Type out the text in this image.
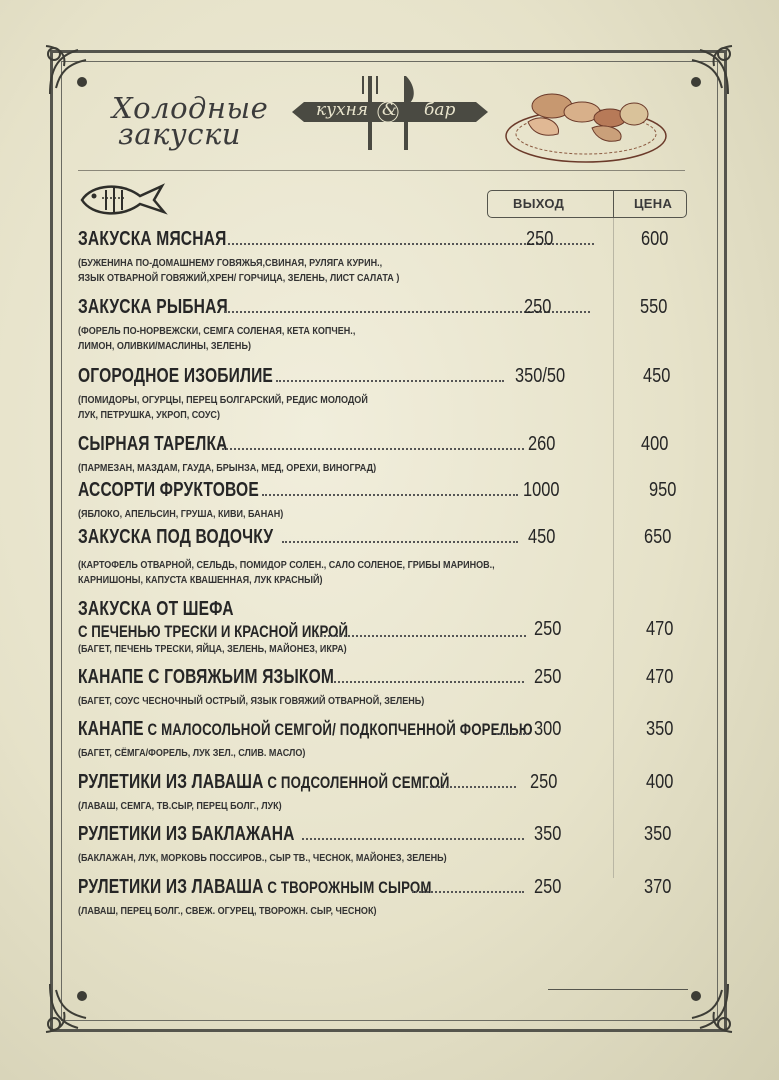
Холодные
закуски
кухня & бар
ВЫХОД	ЦЕНА
ЗАКУСКА МЯСНАЯ	250	600
(БУЖЕНИНА ПО-ДОМАШНЕМУ ГОВЯЖЬЯ,СВИНАЯ, РУЛЯГА КУРИН.,
ЯЗЫК ОТВАРНОЙ ГОВЯЖИЙ,ХРЕН/ ГОРЧИЦА, ЗЕЛЕНЬ, ЛИСТ САЛАТА )
ЗАКУСКА РЫБНАЯ	250	550
(ФОРЕЛЬ ПО-НОРВЕЖСКИ, СЕМГА СОЛЕНАЯ, КЕТА КОПЧЕН.,
ЛИМОН, ОЛИВКИ/МАСЛИНЫ, ЗЕЛЕНЬ)
ОГОРОДНОЕ ИЗОБИЛИЕ	350/50	450
(ПОМИДОРЫ, ОГУРЦЫ, ПЕРЕЦ БОЛГАРСКИЙ, РЕДИС МОЛОДОЙ
ЛУК, ПЕТРУШКА, УКРОП, СОУС)
СЫРНАЯ ТАРЕЛКА	260	400
(ПАРМЕЗАН, МАЗДАМ, ГАУДА, БРЫНЗА, МЕД, ОРЕХИ, ВИНОГРАД)
АССОРТИ ФРУКТОВОЕ	1000	950
(ЯБЛОКО, АПЕЛЬСИН, ГРУША, КИВИ, БАНАН)
ЗАКУСКА ПОД ВОДОЧКУ	450	650
(КАРТОФЕЛЬ ОТВАРНОЙ, СЕЛЬДЬ, ПОМИДОР СОЛЕН., САЛО СОЛЕНОЕ, ГРИБЫ МАРИНОВ.,
КАРНИШОНЫ, КАПУСТА КВАШЕННАЯ, ЛУК КРАСНЫЙ)
ЗАКУСКА ОТ ШЕФА
С ПЕЧЕНЬЮ ТРЕСКИ И КРАСНОЙ ИКРОЙ	250	470
(БАГЕТ, ПЕЧЕНЬ ТРЕСКИ, ЯЙЦА, ЗЕЛЕНЬ, МАЙОНЕЗ, ИКРА)
КАНАПЕ С ГОВЯЖЬИМ ЯЗЫКОМ	250	470
(БАГЕТ, СОУС ЧЕСНОЧНЫЙ ОСТРЫЙ, ЯЗЫК ГОВЯЖИЙ ОТВАРНОЙ, ЗЕЛЕНЬ)
КАНАПЕ С МАЛОСОЛЬНОЙ СЕМГОЙ/ ПОДКОПЧЕННОЙ ФОРЕЛЬЮ 300	350
(БАГЕТ, СЁМГА/ФОРЕЛЬ, ЛУК ЗЕЛ., СЛИВ. МАСЛО)
РУЛЕТИКИ ИЗ ЛАВАША С ПОДСОЛЕННОЙ СЕМГОЙ	250	400
(ЛАВАШ, СЕМГА, ТВ.СЫР, ПЕРЕЦ БОЛГ., ЛУК)
РУЛЕТИКИ ИЗ БАКЛАЖАНА	350	350
(БАКЛАЖАН, ЛУК, МОРКОВЬ ПОССИРОВ., СЫР ТВ., ЧЕСНОК, МАЙОНЕЗ, ЗЕЛЕНЬ)
РУЛЕТИКИ ИЗ ЛАВАША С ТВОРОЖНЫМ СЫРОМ	250	370
(ЛАВАШ, ПЕРЕЦ БОЛГ., СВЕЖ. ОГУРЕЦ, ТВОРОЖН. СЫР, ЧЕСНОК)
